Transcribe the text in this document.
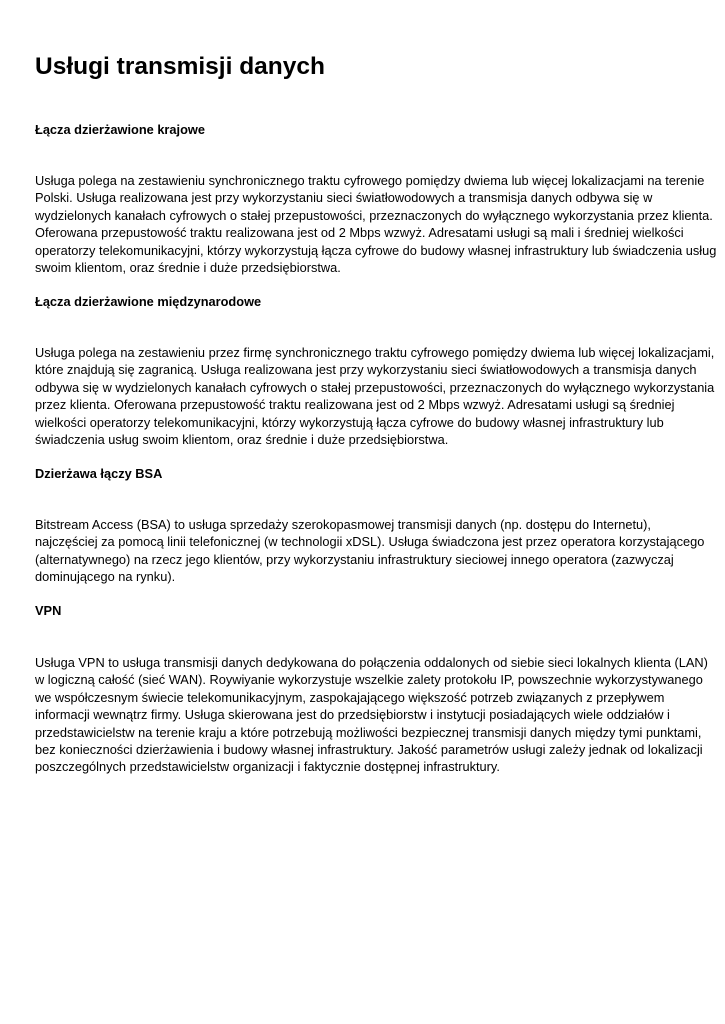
Usługi transmisji danych
Łącza dzierżawione krajowe
Usługa polega na zestawieniu synchronicznego traktu cyfrowego pomiędzy dwiema lub więcej lokalizacjami na terenie
Polski. Usługa realizowana jest przy wykorzystaniu sieci światłowodowych a transmisja danych odbywa się w
wydzielonych kanałach cyfrowych o stałej przepustowości, przeznaczonych do wyłącznego wykorzystania przez klienta.
Oferowana przepustowość traktu realizowana jest od 2 Mbps wzwyż. Adresatami usługi są mali i średniej wielkości
operatorzy telekomunikacyjni, którzy wykorzystują łącza cyfrowe do budowy własnej infrastruktury lub świadczenia usług
swoim klientom, oraz średnie i duże przedsiębiorstwa.
Łącza dzierżawione międzynarodowe
Usługa polega na zestawieniu przez firmę synchronicznego traktu cyfrowego pomiędzy dwiema lub więcej lokalizacjami,
które znajdują się zagranicą. Usługa realizowana jest przy wykorzystaniu sieci światłowodowych a transmisja danych
odbywa się w wydzielonych kanałach cyfrowych o stałej przepustowości, przeznaczonych do wyłącznego wykorzystania
przez klienta. Oferowana przepustowość traktu realizowana jest od 2 Mbps wzwyż. Adresatami usługi są średniej
wielkości operatorzy telekomunikacyjni, którzy wykorzystują łącza cyfrowe do budowy własnej infrastruktury lub
świadczenia usług swoim klientom, oraz średnie i duże przedsiębiorstwa.
Dzierżawa łączy BSA
Bitstream Access (BSA) to usługa sprzedaży szerokopasmowej transmisji danych (np. dostępu do Internetu),
najczęściej za pomocą linii telefonicznej (w technologii xDSL). Usługa świadczona jest przez operatora korzystającego
(alternatywnego) na rzecz jego klientów, przy wykorzystaniu infrastruktury sieciowej innego operatora (zazwyczaj
dominującego na rynku).
VPN
Usługa VPN to usługa transmisji danych dedykowana do połączenia oddalonych od siebie sieci lokalnych klienta (LAN)
w logiczną całość (sieć WAN). Roywiyanie wykorzystuje wszelkie zalety protokołu IP, powszechnie wykorzystywanego
we współczesnym świecie telekomunikacyjnym, zaspokajającego większość potrzeb związanych z przepływem
informacji wewnątrz firmy. Usługa skierowana jest do przedsiębiorstw i instytucji posiadających wiele oddziałów i
przedstawicielstw na terenie kraju a które potrzebują możliwości bezpiecznej transmisji danych między tymi punktami,
bez konieczności dzierżawienia i budowy własnej infrastruktury. Jakość parametrów usługi zależy jednak od lokalizacji
poszczególnych przedstawicielstw organizacji i faktycznie dostępnej infrastruktury.
